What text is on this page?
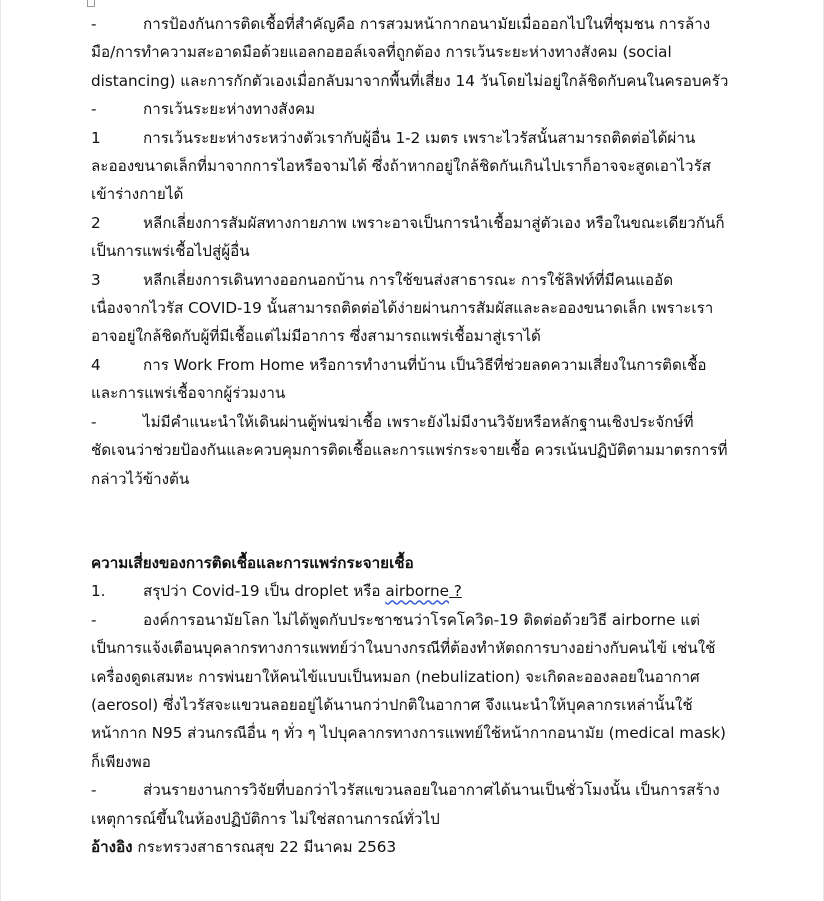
-	การป้องกันการติดเชื้อที่สำคัญคือ การสวมหน้ากากอนามัยเมื่อออกไปในที่ชุมชน การล้างมือ/การทำความสะอาดมือด้วยแอลกอฮอล์เจลที่ถูกต้อง การเว้นระยะห่างทางสังคม (social distancing) และการกักตัวเองเมื่อกลับมาจากพื้นที่เสี่ยง 14 วันโดยไม่อยู่ใกล้ชิดกับคนในครอบครัว

-	การเว้นระยะห่างทางสังคม

1	การเว้นระยะห่างระหว่างตัวเรากับผู้อื่น 1-2 เมตร เพราะไวรัสนั้นสามารถติดต่อได้ผ่านละอองขนาดเล็กที่มาจากการไอหรือจามได้ ซึ่งถ้าหากอยู่ใกล้ชิดกันเกินไปเราก็อาจจะสูดเอาไวรัสเข้าร่างกายได้

2	หลีกเลี่ยงการสัมผัสทางกายภาพ เพราะอาจเป็นการนำเชื้อมาสู่ตัวเอง หรือในขณะเดียวกันก็เป็นการแพร่เชื้อไปสู่ผู้อื่น

3	หลีกเลี่ยงการเดินทางออกนอกบ้าน การใช้ขนส่งสาธารณะ การใช้ลิฟท์ที่มีคนแออัด เนื่องจากไวรัส COVID-19 นั้นสามารถติดต่อได้ง่ายผ่านการสัมผัสและละอองขนาดเล็ก เพราะเราอาจอยู่ใกล้ชิดกับผู้ที่มีเชื้อแต่ไม่มีอาการ ซึ่งสามารถแพร่เชื้อมาสู่เราได้

4	การ Work From Home หรือการทำงานที่บ้าน เป็นวิธีที่ช่วยลดความเสี่ยงในการติดเชื้อและการแพร่เชื้อจากผู้ร่วมงาน

-	ไม่มีคำแนะนำให้เดินผ่านตู้พ่นฆ่าเชื้อ เพราะยังไม่มีงานวิจัยหรือหลักฐานเชิงประจักษ์ที่ชัดเจนว่าช่วยป้องกันและควบคุมการติดเชื้อและการแพร่กระจายเชื้อ ควรเน้นปฏิบัติตามมาตรการที่กล่าวไว้ข้างต้น

ความเสี่ยงของการติดเชื้อและการแพร่กระจายเชื้อ

1. สรุปว่า Covid-19 เป็น droplet หรือ airborne ?

-	องค์การอนามัยโลก ไม่ได้พูดกับประชาชนว่าโรคโควิด-19 ติดต่อด้วยวิธี airborne แต่เป็นการแจ้งเตือนบุคลากรทางการแพทย์ว่าในบางกรณีที่ต้องทำหัตถการบางอย่างกับคนไข้ เช่นใช้เครื่องดูดเสมหะ การพ่นยาให้คนไข้แบบเป็นหมอก (nebulization) จะเกิดละอองลอยในอากาศ (aerosol) ซึ่งไวรัสจะแขวนลอยอยู่ได้นานกว่าปกติในอากาศ จึงแนะนำให้บุคลากรเหล่านั้นใช้หน้ากาก N95 ส่วนกรณีอื่น ๆ ทั่ว ๆ ไปบุคลากรทางการแพทย์ใช้หน้ากากอนามัย (medical mask) ก็เพียงพอ

-	ส่วนรายงานการวิจัยที่บอกว่าไวรัสแขวนลอยในอากาศได้นานเป็นชั่วโมงนั้น เป็นการสร้างเหตุการณ์ขึ้นในห้องปฏิบัติการ ไม่ใช่สถานการณ์ทั่วไป

อ้างอิง กระทรวงสาธารณสุข 22 มีนาคม 2563
